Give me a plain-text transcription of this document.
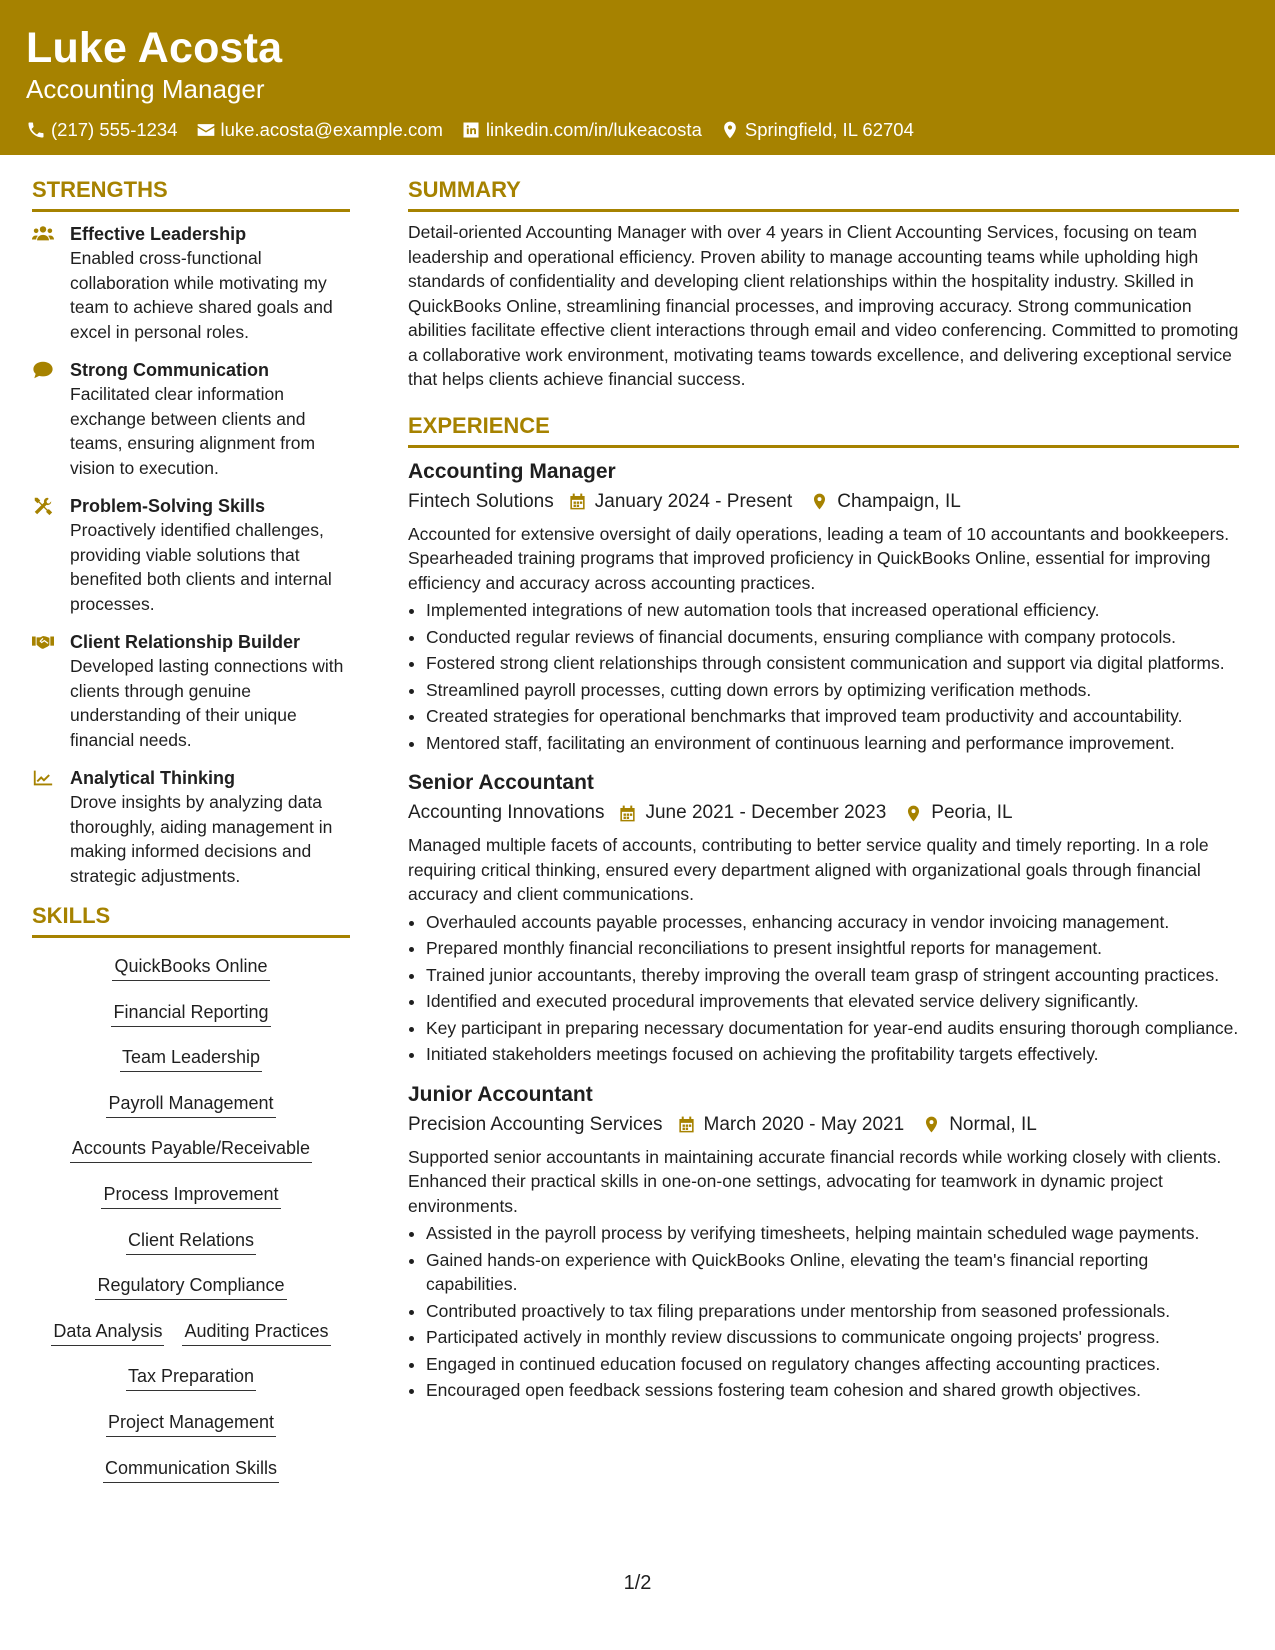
Luke Acosta
Accounting Manager
(217) 555-1234 luke.acosta@example.com linkedin.com/in/lukeacosta Springfield, IL 62704
STRENGTHS
Effective Leadership
Enabled cross-functional collaboration while motivating my team to achieve shared goals and excel in personal roles.
Strong Communication
Facilitated clear information exchange between clients and teams, ensuring alignment from vision to execution.
Problem-Solving Skills
Proactively identified challenges, providing viable solutions that benefited both clients and internal processes.
Client Relationship Builder
Developed lasting connections with clients through genuine understanding of their unique financial needs.
Analytical Thinking
Drove insights by analyzing data thoroughly, aiding management in making informed decisions and strategic adjustments.
SKILLS
QuickBooks Online
Financial Reporting
Team Leadership
Payroll Management
Accounts Payable/Receivable
Process Improvement
Client Relations
Regulatory Compliance
Data Analysis Auditing Practices
Tax Preparation
Project Management
Communication Skills
SUMMARY
Detail-oriented Accounting Manager with over 4 years in Client Accounting Services, focusing on team leadership and operational efficiency. Proven ability to manage accounting teams while upholding high standards of confidentiality and developing client relationships within the hospitality industry. Skilled in QuickBooks Online, streamlining financial processes, and improving accuracy. Strong communication abilities facilitate effective client interactions through email and video conferencing. Committed to promoting a collaborative work environment, motivating teams towards excellence, and delivering exceptional service that helps clients achieve financial success.
EXPERIENCE
Accounting Manager
Fintech Solutions January 2024 - Present Champaign, IL
Accounted for extensive oversight of daily operations, leading a team of 10 accountants and bookkeepers. Spearheaded training programs that improved proficiency in QuickBooks Online, essential for improving efficiency and accuracy across accounting practices.
• Implemented integrations of new automation tools that increased operational efficiency.
• Conducted regular reviews of financial documents, ensuring compliance with company protocols.
• Fostered strong client relationships through consistent communication and support via digital platforms.
• Streamlined payroll processes, cutting down errors by optimizing verification methods.
• Created strategies for operational benchmarks that improved team productivity and accountability.
• Mentored staff, facilitating an environment of continuous learning and performance improvement.
Senior Accountant
Accounting Innovations June 2021 - December 2023 Peoria, IL
Managed multiple facets of accounts, contributing to better service quality and timely reporting. In a role requiring critical thinking, ensured every department aligned with organizational goals through financial accuracy and client communications.
• Overhauled accounts payable processes, enhancing accuracy in vendor invoicing management.
• Prepared monthly financial reconciliations to present insightful reports for management.
• Trained junior accountants, thereby improving the overall team grasp of stringent accounting practices.
• Identified and executed procedural improvements that elevated service delivery significantly.
• Key participant in preparing necessary documentation for year-end audits ensuring thorough compliance.
• Initiated stakeholders meetings focused on achieving the profitability targets effectively.
Junior Accountant
Precision Accounting Services March 2020 - May 2021 Normal, IL
Supported senior accountants in maintaining accurate financial records while working closely with clients. Enhanced their practical skills in one-on-one settings, advocating for teamwork in dynamic project environments.
• Assisted in the payroll process by verifying timesheets, helping maintain scheduled wage payments.
• Gained hands-on experience with QuickBooks Online, elevating the team's financial reporting capabilities.
• Contributed proactively to tax filing preparations under mentorship from seasoned professionals.
• Participated actively in monthly review discussions to communicate ongoing projects' progress.
• Engaged in continued education focused on regulatory changes affecting accounting practices.
• Encouraged open feedback sessions fostering team cohesion and shared growth objectives.
1/2
